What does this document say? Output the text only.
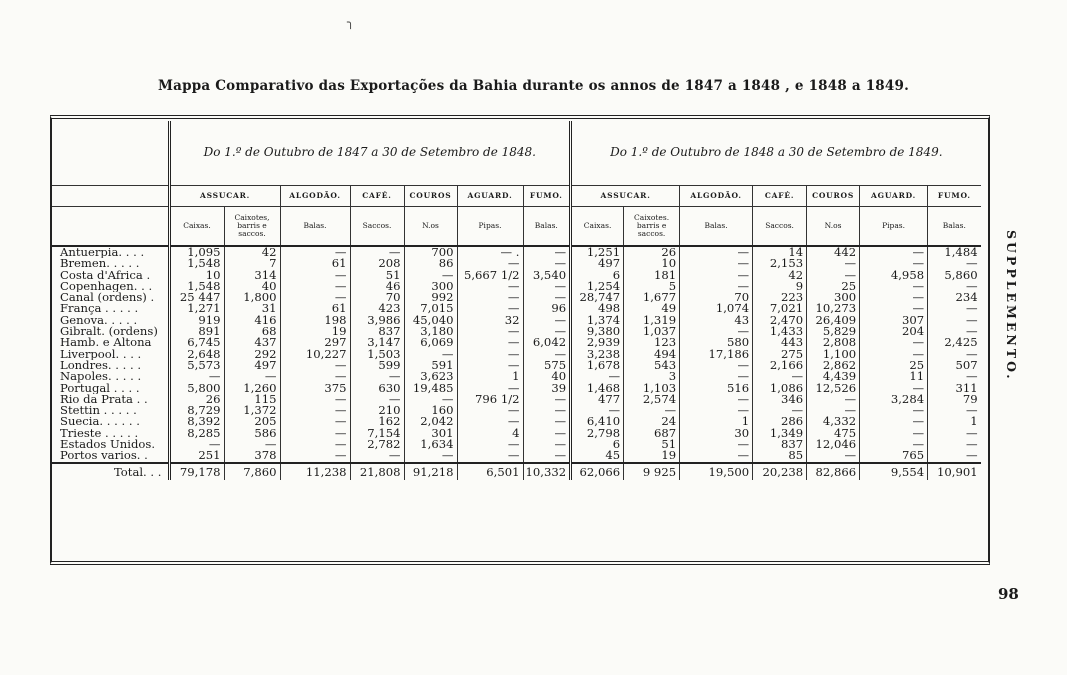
╮
Mappa Comparativo das Exportações da Bahia durante os annos de 1847 a 1848 , e 1848 a 1849.
SUPPLEMENTO.
98
	Do 1.º de Outubro de 1847 a 30 de Setembro de 1848.							Do 1.º de Outubro de 1848 a 30 de Setembro de 1849.						
	ASSUCAR.		ALGODÃO.	CAFÉ.	COUROS	AGUARD.	FUMO.	ASSUCAR.		ALGODÃO.	CAFÉ.	COUROS	AGUARD.	FUMO.
	Caixas.	Caixotes, barris e saccos.	Balas.	Saccos.	N.os	Pipas.	Balas.	Caixas.	Caixotes. barris e saccos.	Balas.	Saccos.	N.os	Pipas.	Balas.
Antuerpia. . . .	1,095	42	—	—	700	— .	—	1,251	26	—	14	442	—	1,484
Bremen. . . . .	1,548	7	61	208	86	—	—	497	10	—	2,153	—	—	—
Costa d'Africa .	10	314	—	51	—	5,667 1/2	3,540	6	181	—	42	—	4,958	5,860
Copenhagen. . .	1,548	40	—	46	300	—	—	1,254	5	—	9	25	—	—
Canal (ordens) .	25 447	1,800	—	70	992	—	—	28,747	1,677	70	223	300	—	234
França . . . . .	1,271	31	61	423	7,015	—	96	498	49	1,074	7,021	10,273	—	—
Genova. . . . .	919	416	198	3,986	45,040	32	—	1,374	1,319	43	2,470	26,409	307	—
Gibralt. (ordens)	891	68	19	837	3,180	—	—	9,380	1,037	—	1,433	5,829	204	—
Hamb. e Altona	6,745	437	297	3,147	6,069	—	6,042	2,939	123	580	443	2,808	—	2,425
Liverpool. . . .	2,648	292	10,227	1,503	—	—	—	3,238	494	17,186	275	1,100	—	—
Londres. . . . .	5,573	497	—	599	591	—	575	1,678	543	—	2,166	2,862	25	507
Napoles. . . . .	—	—	—	—	3,623	1	40	—	3	—	—	4,439	11	—
Portugal . . . .	5,800	1,260	375	630	19,485	—	39	1,468	1,103	516	1,086	12,526	—	311
Rio da Prata . .	26	115	—	—	—	796 1/2	—	477	2,574	—	346	—	3,284	79
Stettin . . . . .	8,729	1,372	—	210	160	—	—	—	—	—	—	—	—	—
Suecia. . . . . .	8,392	205	—	162	2,042	—	—	6,410	24	1	286	4,332	—	1
Trieste . . . . .	8,285	586	—	7,154	301	4	—	2,798	687	30	1,349	475	—	—
Estados Unidos.	—	—	—	2,782	1,634	—	—	6	51	—	837	12,046	—	—
Portos varios. .	251	378	—	—	—	—	—	45	19	—	85	—	765	—
Total. . .	79,178	7,860	11,238	21,808	91,218	6,501	10,332	62,066	9 925	19,500	20,238	82,866	9,554	10,901
